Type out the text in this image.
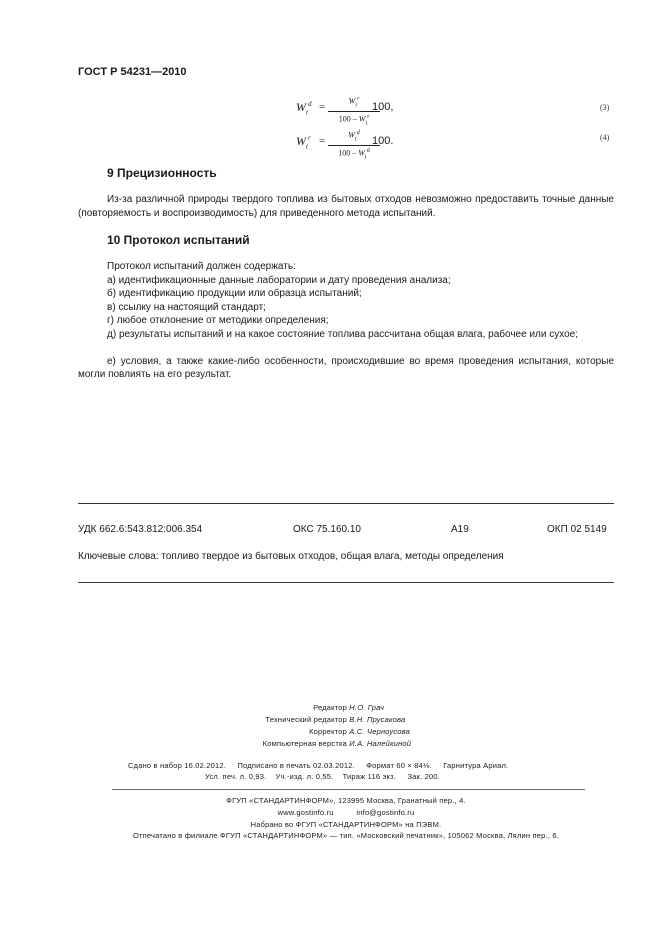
ГОСТ Р 54231—2010
$W_t^d$ =	$W_i^r$
$100 - W_i^r$
100,	(3)
$W_t^r$ =	$W_t^d$
$100 - W_i^d$
100.	(4)
9 Прецизионность
Из-за различной природы твердого топлива из бытовых отходов невозможно предоставить точные данные (повторяемость и воспроизводимость) для приведенного метода испытаний.
10 Протокол испытаний
Протокол испытаний должен содержать:
а) идентификационные данные лаборатории и дату проведения анализа;
б) идентификацию продукции или образца испытаний;
в) ссылку на настоящий стандарт;
г) любое отклонение от методики определения;
д) результаты испытаний и на какое состояние топлива рассчитана общая влага, рабочее или сухое;
е) условия, а также какие-либо особенности, происходившие во время проведения испытания, которые могли повлиять на его результат.
УДК 662.6:543.812:006.354	ОКС 75.160.10	А19	ОКП 02 5149
Ключевые слова: топливо твердое из бытовых отходов, общая влага, методы определения
Редактор Н.О. Грач
Технический редактор В.Н. Прусакова
Корректор А.С. Черноусова
Компьютерная верстка И.А. Налейкиной
Сдано в набор 16.02.2012.     Подписано в печать 02.03.2012.     Формат 60 × 84⅛.     Гарнитура Ариал.
Усл. печ. л. 0,93.    Уч.-изд. л. 0,55.    Тираж 116 экз.     Зак. 200.
ФГУП «СТАНДАРТИНФОРМ», 123995 Москва, Гранатный пер., 4.
www.gostinfo.ru          info@gostinfo.ru
Набрано во ФГУП «СТАНДАРТИНФОРМ» на ПЭВМ.
Отпечатано в филиале ФГУП «СТАНДАРТИНФОРМ» — тип. «Московский печатник», 105062 Москва, Лялин пер., 6.
